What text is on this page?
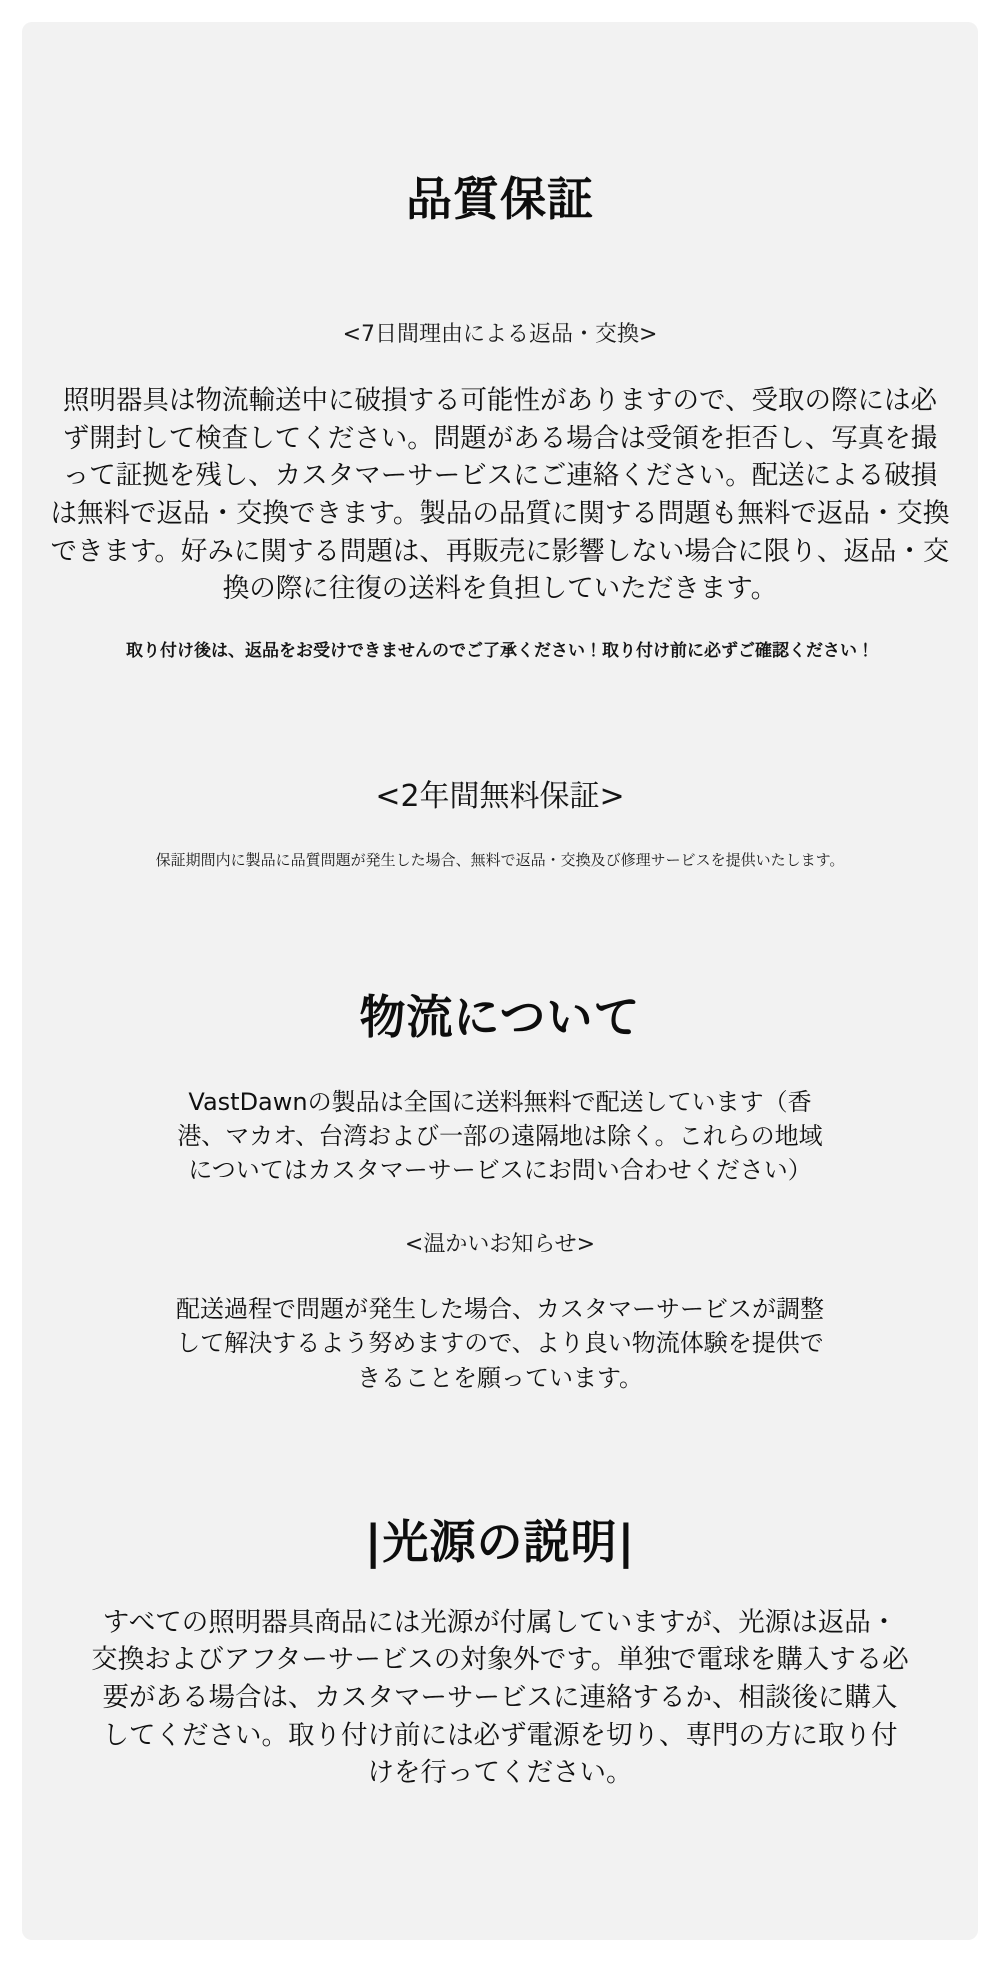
品質保証
<7日間理由による返品・交換>

照明器具は物流輸送中に破損する可能性がありますので、受取の際には必ず開封して検査してください。問題がある場合は受領を拒否し、写真を撮って証拠を残し、カスタマーサービスにご連絡ください。配送による破損は無料で返品・交換できます。製品の品質に関する問題も無料で返品・交換できます。好みに関する問題は、再販売に影響しない場合に限り、返品・交換の際に往復の送料を負担していただきます。

取り付け後は、返品をお受けできませんのでご了承ください！取り付け前に必ずご確認ください！

<2年間無料保証>

保証期間内に製品に品質問題が発生した場合、無料で返品・交換及び修理サービスを提供いたします。

物流について

VastDawnの製品は全国に送料無料で配送しています（香港、マカオ、台湾および一部の遠隔地は除く。これらの地域についてはカスタマーサービスにお問い合わせください）

<温かいお知らせ>

配送過程で問題が発生した場合、カスタマーサービスが調整して解決するよう努めますので、より良い物流体験を提供できることを願っています。

|光源の説明|

すべての照明器具商品には光源が付属していますが、光源は返品・交換およびアフターサービスの対象外です。単独で電球を購入する必要がある場合は、カスタマーサービスに連絡するか、相談後に購入してください。取り付け前には必ず電源を切り、専門の方に取り付けを行ってください。
